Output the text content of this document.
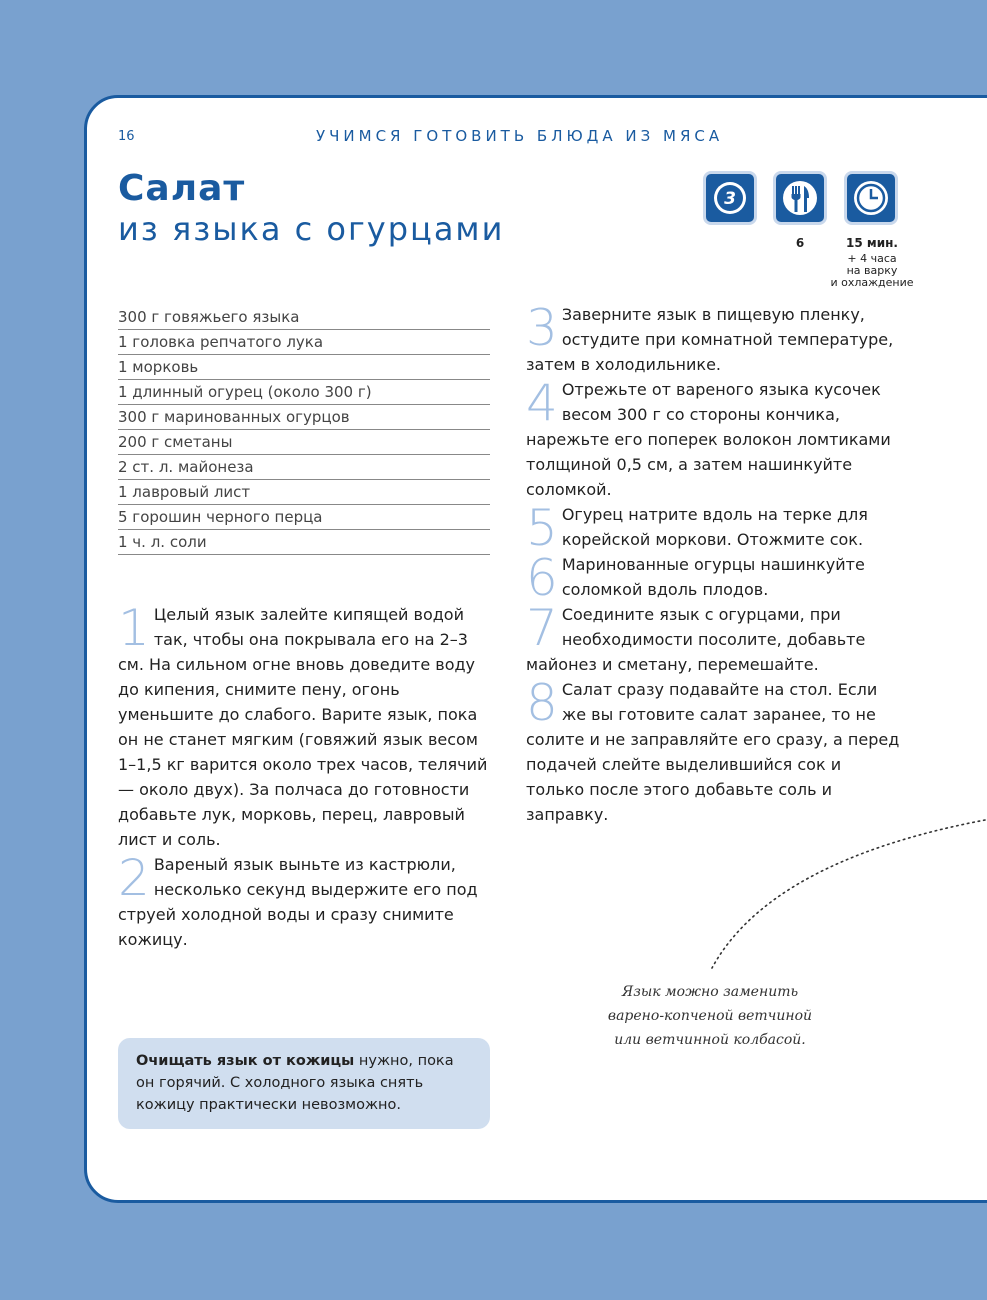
16	УЧИМСЯ ГОТОВИТЬ БЛЮДА ИЗ МЯСА
Салат
из языка с огурцами
3
6	15 мин.
+ 4 часа
на варку
и охлаждение
300 г говяжьего языка
1 головка репчатого лука
1 морковь
1 длинный огурец (около 300 г)
300 г маринованных огурцов
200 г сметаны
2 ст. л. майонеза
1 лавровый лист
5 горошин черного перца
1 ч. л. соли
1 Целый язык залейте кипящей водой так, чтобы она покрывала его на 2–3 см. На сильном огне вновь доведите воду до кипения, снимите пену, огонь уменьшите до слабого. Варите язык, пока он не станет мягким (говяжий язык весом 1–1,5 кг варится около трех часов, телячий — около двух). За полчаса до готовности добавьте лук, морковь, перец, лавровый лист и соль.
2 Вареный язык выньте из кастрюли, несколько секунд выдержите его под струей холодной воды и сразу снимите кожицу.
3 Заверните язык в пищевую пленку, остудите при комнатной температуре, затем в холодильнике.
4 Отрежьте от вареного языка кусочек весом 300 г со стороны кончика, нарежьте его поперек волокон ломтиками толщиной 0,5 см, а затем нашинкуйте соломкой.
5 Огурец натрите вдоль на терке для корейской моркови. Отожмите сок.
6 Маринованные огурцы нашинкуйте соломкой вдоль плодов.
7 Соедините язык с огурцами, при необходимости посолите, добавьте майонез и сметану, перемешайте.
8 Салат сразу подавайте на стол. Если же вы готовите салат заранее, то не солите и не заправляйте его сразу, а перед подачей слейте выделившийся сок и только после этого добавьте соль и заправку.
Очищать язык от кожицы нужно, пока он горячий. С холодного языка снять кожицу практически невозможно.
Язык можно заменить
варено-копченой ветчиной
или ветчинной колбасой.
